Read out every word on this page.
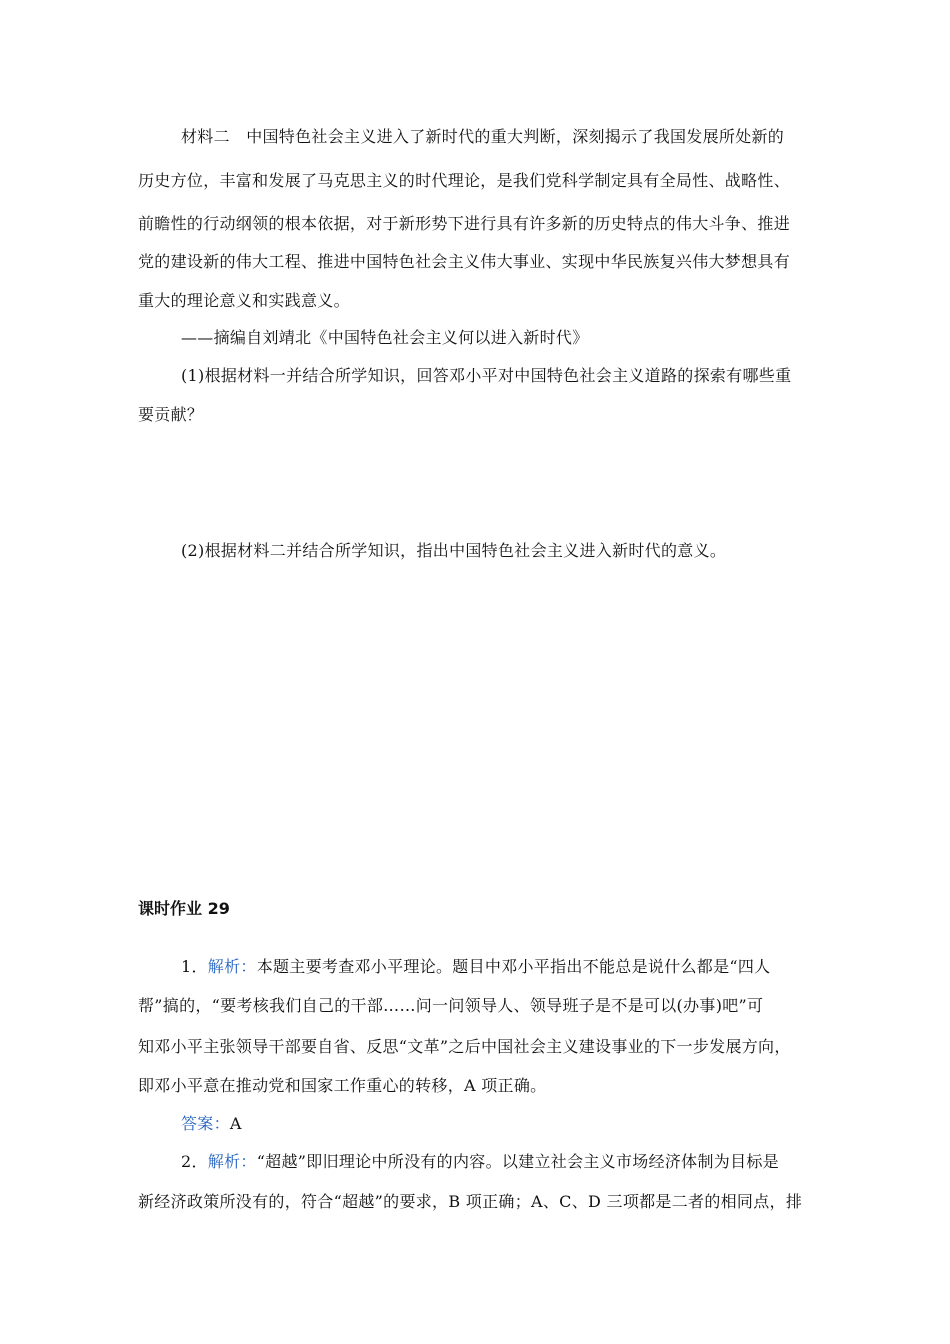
材料二　中国特色社会主义进入了新时代的重大判断，深刻揭示了我国发展所处新的
历史方位，丰富和发展了马克思主义的时代理论，是我们党科学制定具有全局性、战略性、
前瞻性的行动纲领的根本依据，对于新形势下进行具有许多新的历史特点的伟大斗争、推进
党的建设新的伟大工程、推进中国特色社会主义伟大事业、实现中华民族复兴伟大梦想具有
重大的理论意义和实践意义。
——摘编自刘靖北《中国特色社会主义何以进入新时代》
(1)根据材料一并结合所学知识，回答邓小平对中国特色社会主义道路的探索有哪些重
要贡献？
(2)根据材料二并结合所学知识，指出中国特色社会主义进入新时代的意义。
课时作业 29
1．解析：本题主要考查邓小平理论。题目中邓小平指出不能总是说什么都是“四人
帮”搞的，“要考核我们自己的干部……问一问领导人、领导班子是不是可以(办事)吧”可
知邓小平主张领导干部要自省、反思“文革”之后中国社会主义建设事业的下一步发展方向，
即邓小平意在推动党和国家工作重心的转移，A 项正确。
答案：A
2．解析：“超越”即旧理论中所没有的内容。以建立社会主义市场经济体制为目标是
新经济政策所没有的，符合“超越”的要求，B 项正确；A、C、D 三项都是二者的相同点，排
